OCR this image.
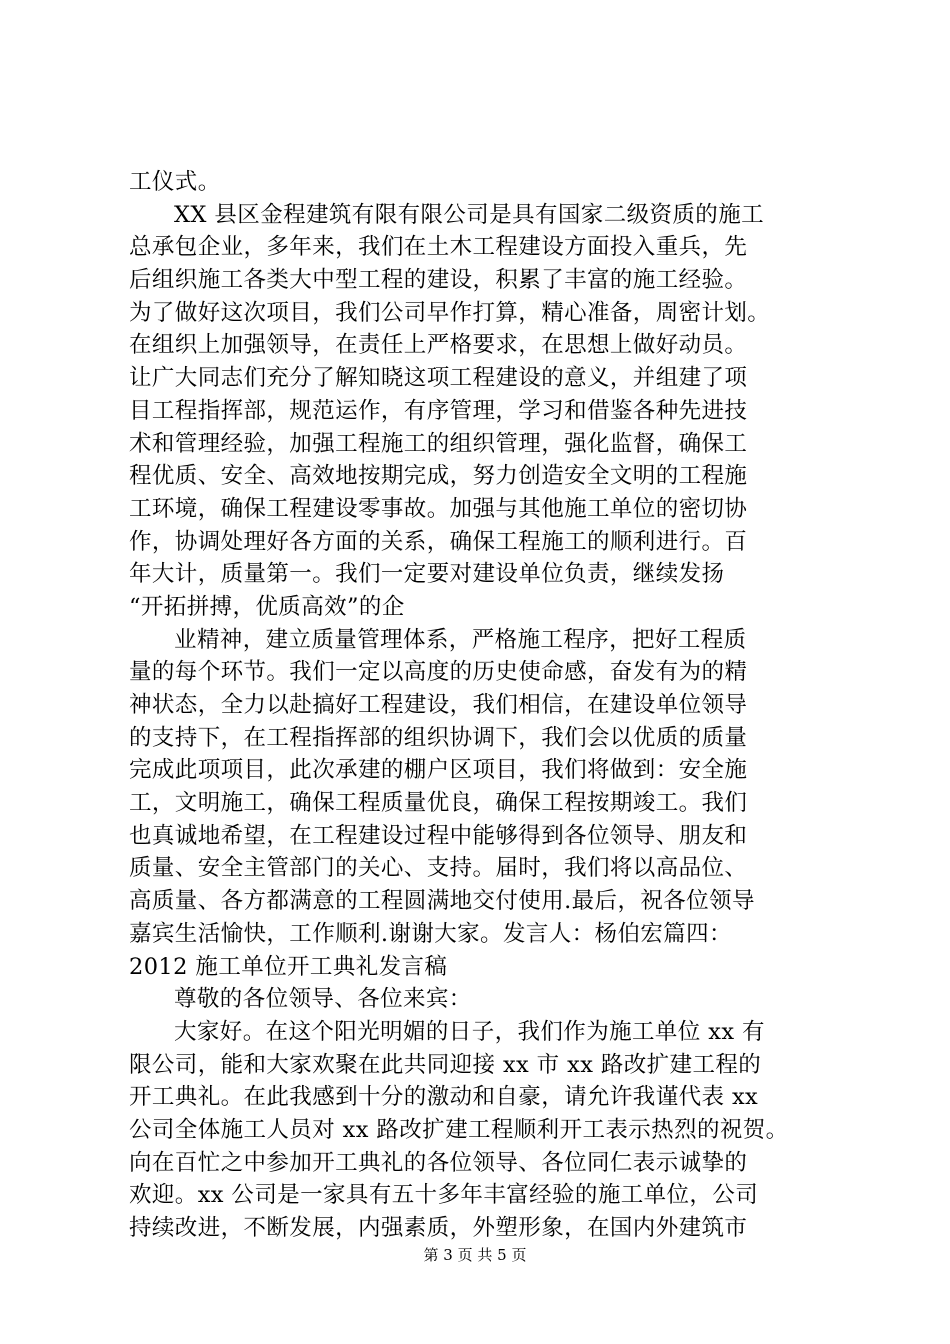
工仪式。
XX 县区金程建筑有限有限公司是具有国家二级资质的施工
总承包企业，多年来，我们在土木工程建设方面投入重兵，先
后组织施工各类大中型工程的建设，积累了丰富的施工经验。
为了做好这次项目，我们公司早作打算，精心准备，周密计划。
在组织上加强领导，在责任上严格要求，在思想上做好动员。
让广大同志们充分了解知晓这项工程建设的意义，并组建了项
目工程指挥部，规范运作，有序管理，学习和借鉴各种先进技
术和管理经验，加强工程施工的组织管理，强化监督，确保工
程优质、安全、高效地按期完成，努力创造安全文明的工程施
工环境，确保工程建设零事故。加强与其他施工单位的密切协
作，协调处理好各方面的关系，确保工程施工的顺利进行。百
年大计，质量第一。我们一定要对建设单位负责，继续发扬
“开拓拼搏，优质高效”的企
业精神，建立质量管理体系，严格施工程序，把好工程质
量的每个环节。我们一定以高度的历史使命感，奋发有为的精
神状态，全力以赴搞好工程建设，我们相信，在建设单位领导
的支持下，在工程指挥部的组织协调下，我们会以优质的质量
完成此项项目，此次承建的棚户区项目，我们将做到：安全施
工，文明施工，确保工程质量优良，确保工程按期竣工。我们
也真诚地希望，在工程建设过程中能够得到各位领导、朋友和
质量、安全主管部门的关心、支持。届时，我们将以高品位、
高质量、各方都满意的工程圆满地交付使用.最后，祝各位领导
嘉宾生活愉快，工作顺利.谢谢大家。发言人：杨伯宏篇四：
2012 施工单位开工典礼发言稿
尊敬的各位领导、各位来宾：
大家好。在这个阳光明媚的日子，我们作为施工单位 xx 有
限公司，能和大家欢聚在此共同迎接 xx 市 xx 路改扩建工程的
开工典礼。在此我感到十分的激动和自豪，请允许我谨代表 xx
公司全体施工人员对 xx 路改扩建工程顺利开工表示热烈的祝贺。
向在百忙之中参加开工典礼的各位领导、各位同仁表示诚挚的
欢迎。xx 公司是一家具有五十多年丰富经验的施工单位，公司
持续改进，不断发展，内强素质，外塑形象，在国内外建筑市
第 3 页 共 5 页
